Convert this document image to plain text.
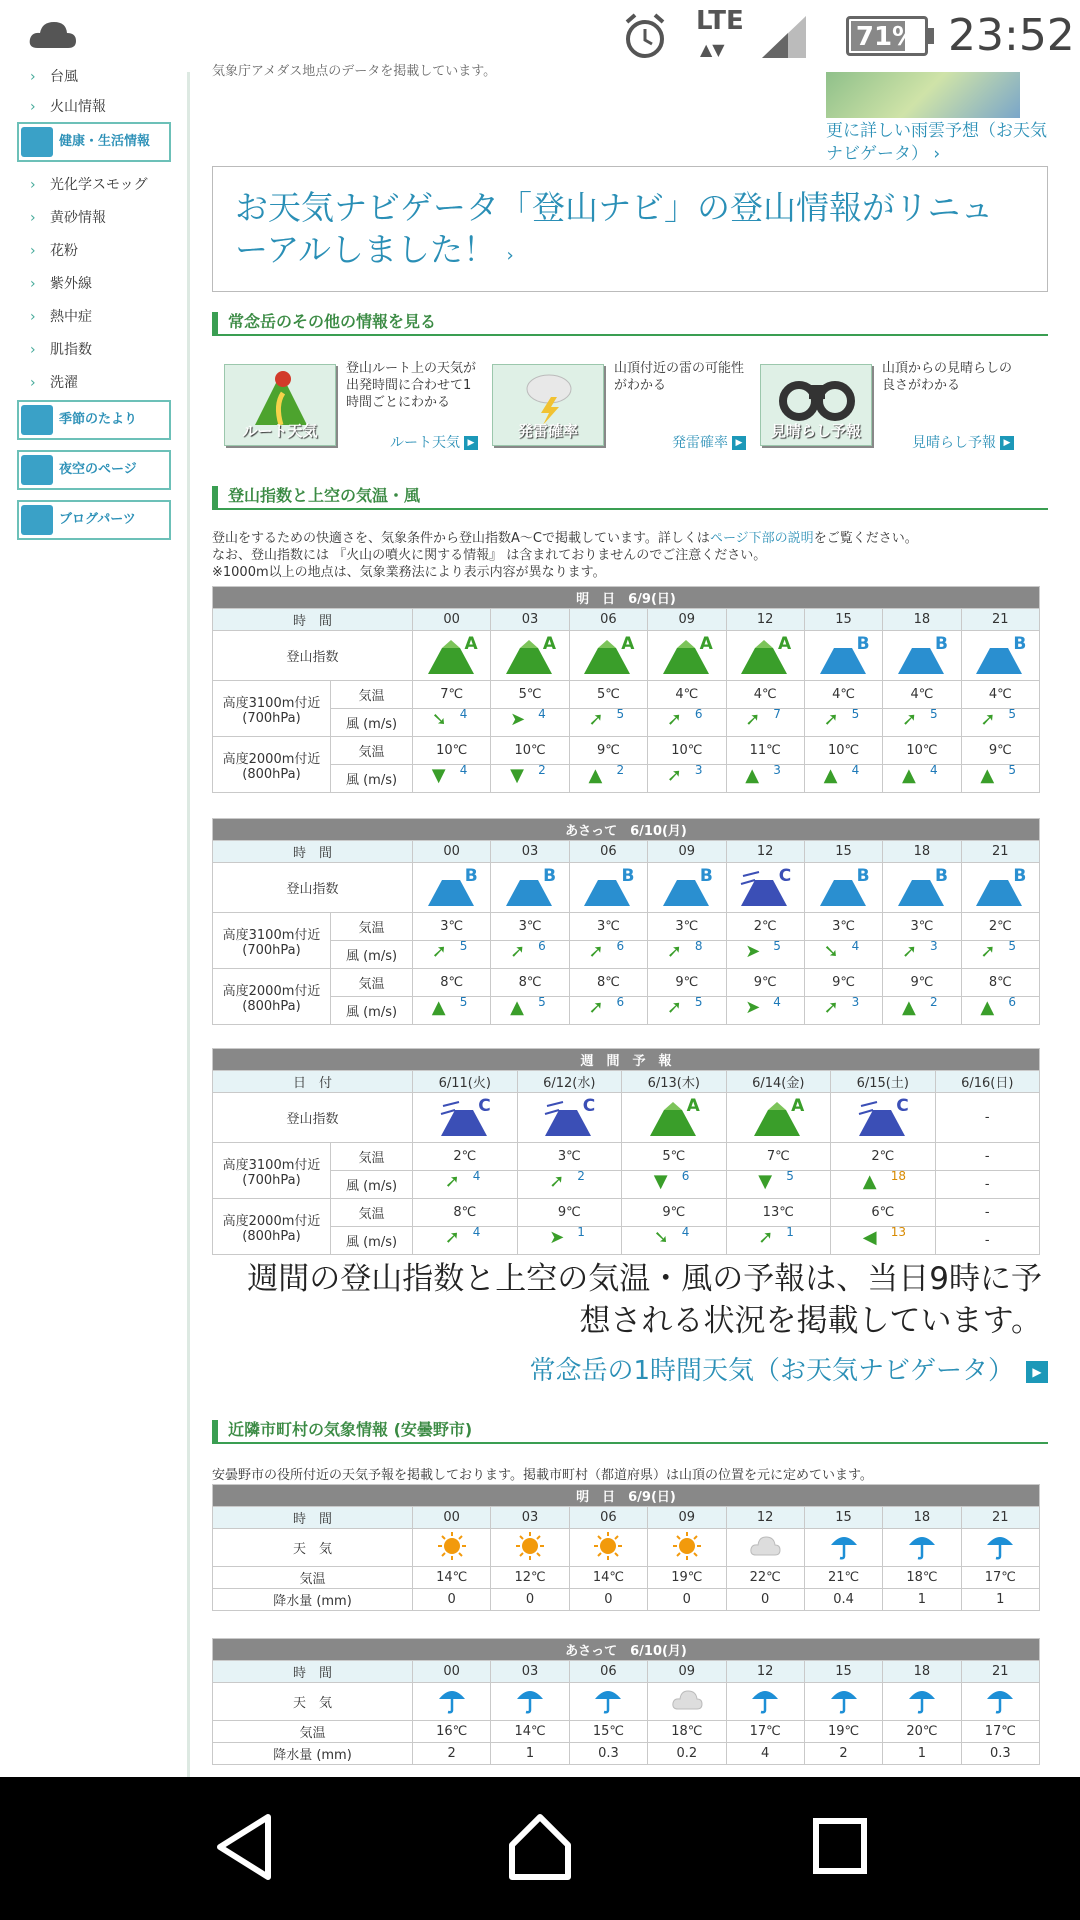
LTE
▲▼	71% 23:52
› 台風
› 火山情報
健康・生活情報
› 光化学スモッグ
› 黄砂情報
› 花粉
› 紫外線
› 熱中症
› 肌指数
› 洗濯
季節のたより
夜空のページ
ブログパーツ
気象庁アメダス地点のデータを掲載しています。
更に詳しい雨雲予想（お天気ナビゲータ） ›
お天気ナビゲータ「登山ナビ」の登山情報がリニューアルしました！ ›
常念岳のその他の情報を見る
ルート天気
登山ルート上の天気が出発時間に合わせて1時間ごとにわかる
ルート天気 ▶
発雷確率
山頂付近の雷の可能性がわかる
発雷確率 ▶
見晴らし予報
山頂からの見晴らしの良さがわかる
見晴らし予報 ▶
登山指数と上空の気温・風
登山をするための快適さを、気象条件から登山指数A～Cで掲載しています。詳しくはページ下部の説明をご覧ください。
なお、登山指数には 『火山の噴火に関する情報』 は含まれておりませんのでご注意ください。
※1000m以上の地点は、気象業務法により表示内容が異なります。
明　日　6/9(日)									
時　間		00	03	06	09	12	15	18	21
登山指数		A	A	A	A	A	B	B	B

高度3100m付近
(700hPa)	気温	7℃	5℃	5℃	4℃	4℃	4℃	4℃	4℃
	風 (m/s)	➘ 4	➤ 4	➚ 5	➚ 6	➚ 7	➚ 5	➚ 5	➚ 5

高度2000m付近
(800hPa)	気温	10℃	10℃	9℃	10℃	11℃	10℃	10℃	9℃
	風 (m/s)	▼ 4	▼ 2	▲ 2	➚ 3	▲ 3	▲ 4	▲ 4	▲ 5
あさって　6/10(月)									
時　間		00	03	06	09	12	15	18	21
登山指数		B	B	B	B	C	B	B	B

高度3100m付近
(700hPa)	気温	3℃	3℃	3℃	3℃	2℃	3℃	3℃	2℃
	風 (m/s)	➚ 5	➚ 6	➚ 6	➚ 8	➤ 5	➘ 4	➚ 3	➚ 5

高度2000m付近
(800hPa)	気温	8℃	8℃	8℃	9℃	9℃	9℃	9℃	8℃
	風 (m/s)	▲ 5	▲ 5	➚ 6	➚ 5	➤ 4	➚ 3	▲ 2	▲ 6
週　間　予　報							
日　付		6/11(火)	6/12(水)	6/13(木)	6/14(金)	6/15(土)	6/16(日)
登山指数		C	C	A	A	C	-
高度3100m付近
(700hPa)	気温	2℃	3℃	5℃	7℃	2℃	-
	風 (m/s)	➚ 4	➚ 2	▼ 6	▼ 5	▲ 18	-
高度2000m付近
(800hPa)	気温	8℃	9℃	9℃	13℃	6℃	-
	風 (m/s)	➚ 4	➤ 1	➘ 4	➚ 1	◀ 13	-
週間の登山指数と上空の気温・風の予報は、当日9時に予想される状況を掲載しています。
常念岳の1時間天気（お天気ナビゲータ） ▶
近隣市町村の気象情報 (安曇野市)
安曇野市の役所付近の天気予報を掲載しております。掲載市町村（都道府県）は山頂の位置を元に定めています。
明　日　6/9(日)								
時　間	00	03	06	09	12	15	18	21
天　気								
気温	14℃	12℃	14℃	19℃	22℃	21℃	18℃	17℃
降水量 (mm)	0	0	0	0	0	0.4	1	1
あさって　6/10(月)								
時　間	00	03	06	09	12	15	18	21
天　気								
気温	16℃	14℃	15℃	18℃	17℃	19℃	20℃	17℃
降水量 (mm)	2	1	0.3	0.2	4	2	1	0.3
